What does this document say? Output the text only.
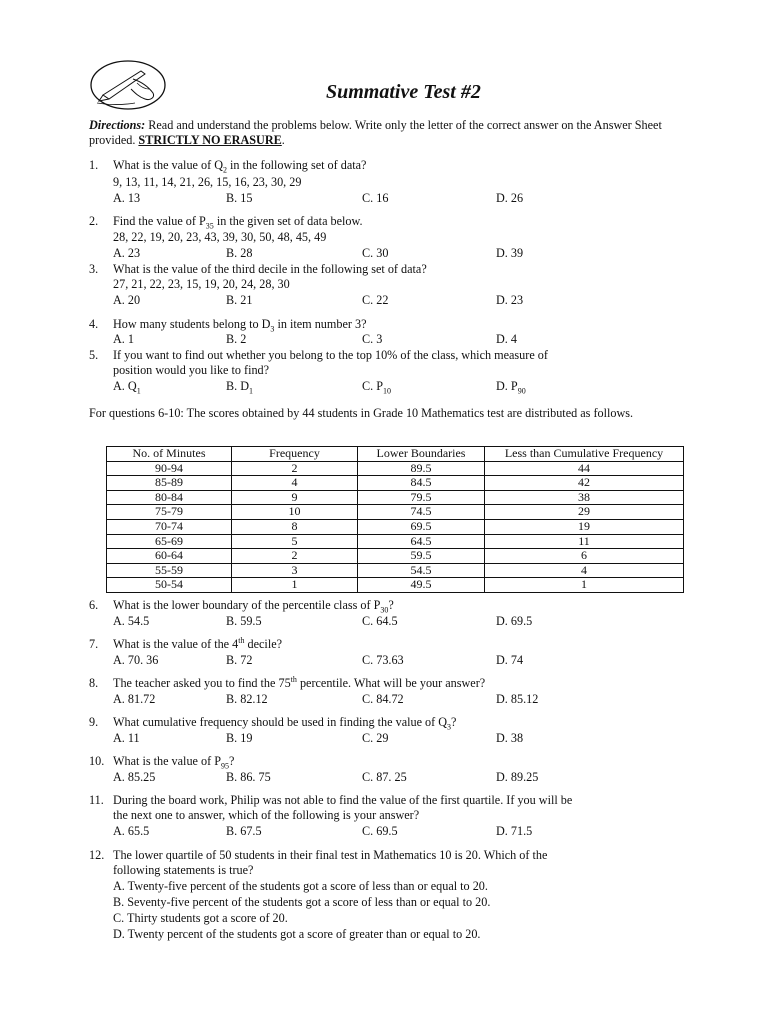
Summative Test #2
Directions: Read and understand the problems below. Write only the letter of the correct answer on the Answer Sheet provided. STRICTLY NO ERASURE.
1. What is the value of $Q_2$ in the following set of data?
9, 13, 11, 14, 21, 26, 15, 16, 23, 30, 29
A. 13	B. 15	C. 16	D. 26
2. Find the value of $P_{35}$ in the given set of data below.
28, 22, 19, 20, 23, 43, 39, 30, 50, 48, 45, 49
A. 23	B. 28	C. 30	D. 39
3. What is the value of the third decile in the following set of data?
27, 21, 22, 23, 15, 19, 20, 24, 28, 30
A. 20	B. 21	C. 22	D. 23
4. How many students belong to $D_3$ in item number 3?
A. 1	B. 2	C. 3	D. 4
5. If you want to find out whether you belong to the top 10% of the class, which measure of
position would you like to find?
A. $Q_1$	B. $D_1$	C. $P_{10}$	D. $P_{90}$
For questions 6-10: The scores obtained by 44 students in Grade 10 Mathematics test are distributed as follows.
No. of Minutes	Frequency	Lower Boundaries	Less than Cumulative Frequency
90-94	2	89.5	44
85-89	4	84.5	42
80-84	9	79.5	38
75-79	10	74.5	29
70-74	8	69.5	19
65-69	5	64.5	11
60-64	2	59.5	6
55-59	3	54.5	4
50-54	1	49.5	1
6. What is the lower boundary of the percentile class of $P_{30}$?
A. 54.5	B. 59.5	C. 64.5	D. 69.5
7. What is the value of the 4th decile?
A. 70. 36	B. 72	C. 73.63	D. 74
8. The teacher asked you to find the 75th percentile. What will be your answer?
A. 81.72	B. 82.12	C. 84.72	D. 85.12
9. What cumulative frequency should be used in finding the value of $Q_3$?
A. 11	B. 19	C. 29	D. 38
10. What is the value of $P_{95}$?
A. 85.25	B. 86. 75	C. 87. 25	D. 89.25
11. During the board work, Philip was not able to find the value of the first quartile. If you will be
the next one to answer, which of the following is your answer?
A. 65.5	B. 67.5	C. 69.5	D. 71.5
12. The lower quartile of 50 students in their final test in Mathematics 10 is 20. Which of the
following statements is true?
A. Twenty-five percent of the students got a score of less than or equal to 20.
B. Seventy-five percent of the students got a score of less than or equal to 20.
C. Thirty students got a score of 20.
D. Twenty percent of the students got a score of greater than or equal to 20.
